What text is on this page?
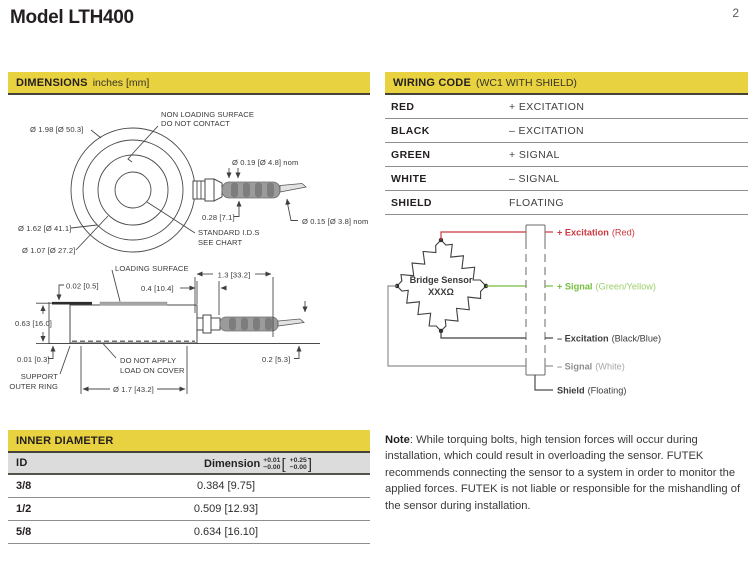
Model LTH400	2
DIMENSIONS inches [mm]	WIRING CODE (WC1 WITH SHIELD)
RED	+ EXCITATION
BLACK	– EXCITATION
GREEN	+ SIGNAL
WHITE	– SIGNAL
SHIELD	FLOATING
Ø 1.98 [Ø 50.3]
NON LOADING SURFACE
DO NOT CONTACT
Ø 0.19 [Ø 4.8] nom
0.28 [7.1]	Ø 0.15 [Ø 3.8] nom
Ø 1.62 [Ø 41.1]
Ø 1.07 [Ø 27.2]
STANDARD I.D.S
SEE CHART
LOADING SURFACE
1.3 [33.2]
0.02 [0.5]	0.4 [10.4]
0.63 [16.0]
0.01 [0.3]
SUPPORT
OUTER RING
DO NOT APPLY
LOAD ON COVER
Ø 1.7 [43.2]
0.2 [5.3]
Bridge Sensor
XXXΩ
+ Excitation (Red)
+ Signal (Green/Yellow)
– Excitation (Black/Blue)
– Signal (White)
Shield (Floating)
INNER DIAMETER
ID	Dimension +0.01
−0.00 [ +0.25
−0.00 ]
3/8	0.384 [9.75]
1/2	0.509 [12.93]
5/8	0.634 [16.10]
Note: While torquing bolts, high tension forces will occur during installation, which could result in overloading the sensor. FUTEK recommends connecting the sensor to a system in order to monitor the applied forces. FUTEK is not liable or responsible for the mishandling of the sensor during installation.
